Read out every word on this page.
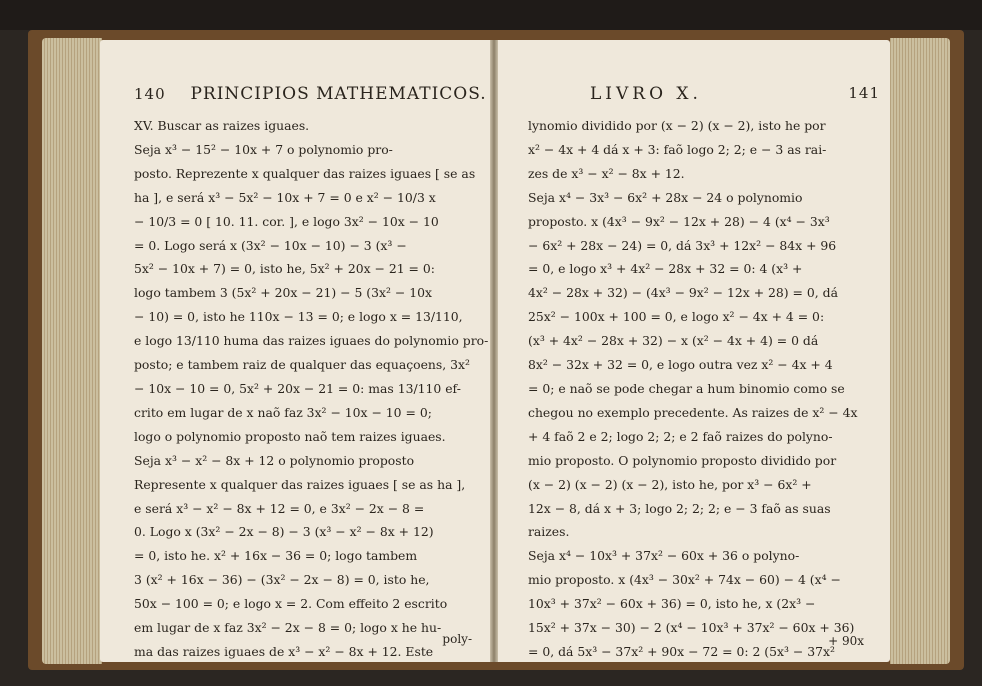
140 PRINCIPIOS MATHEMATICOS.
XV. Buscar as raizes iguaes.
Seja x³ − 15² − 10x + 7 o polynomio pro-
posto. Reprezente x qualquer das raizes iguaes [ se as
ha ], e será x³ − 5x² − 10x + 7 = 0 e x² − 10/3 x
− 10/3 = 0 [ 10. 11. cor. ], e logo 3x² − 10x − 10
= 0. Logo será x (3x² − 10x − 10) − 3 (x³ −
5x² − 10x + 7) = 0, isto he, 5x² + 20x − 21 = 0:
logo tambem 3 (5x² + 20x − 21) − 5 (3x² − 10x
− 10) = 0, isto he 110x − 13 = 0; e logo x = 13/110,
e logo 13/110 huma das raizes iguaes do polynomio pro-
posto; e tambem raiz de qualquer das equaçoens, 3x²
− 10x − 10 = 0, 5x² + 20x − 21 = 0: mas 13/110 ef-
crito em lugar de x naõ faz 3x² − 10x − 10 = 0;
logo o polynomio proposto naõ tem raizes iguaes.
Seja x³ − x² − 8x + 12 o polynomio proposto
Represente x qualquer das raizes iguaes [ se as ha ],
e será x³ − x² − 8x + 12 = 0, e 3x² − 2x − 8 =
0. Logo x (3x² − 2x − 8) − 3 (x³ − x² − 8x + 12)
= 0, isto he. x² + 16x − 36 = 0; logo tambem
3 (x² + 16x − 36) − (3x² − 2x − 8) = 0, isto he,
50x − 100 = 0; e logo x = 2. Com effeito 2 escrito
em lugar de x faz 3x² − 2x − 8 = 0; logo x he hu-
ma das raizes iguaes de x³ − x² − 8x + 12. Este
poly-
LIVRO X.	141
lynomio dividido por (x − 2) (x − 2), isto he por
x² − 4x + 4 dá x + 3: faõ logo 2; 2; e − 3 as rai-
zes de x³ − x² − 8x + 12.
Seja x⁴ − 3x³ − 6x² + 28x − 24 o polynomio
proposto. x (4x³ − 9x² − 12x + 28) − 4 (x⁴ − 3x³
− 6x² + 28x − 24) = 0, dá 3x³ + 12x² − 84x + 96
= 0, e logo x³ + 4x² − 28x + 32 = 0: 4 (x³ +
4x² − 28x + 32) − (4x³ − 9x² − 12x + 28) = 0, dá
25x² − 100x + 100 = 0, e logo x² − 4x + 4 = 0:
(x³ + 4x² − 28x + 32) − x (x² − 4x + 4) = 0 dá
8x² − 32x + 32 = 0, e logo outra vez x² − 4x + 4
= 0; e naõ se pode chegar a hum binomio como se
chegou no exemplo precedente. As raizes de x² − 4x
+ 4 faõ 2 e 2; logo 2; 2; e 2 faõ raizes do polyno-
mio proposto. O polynomio proposto dividido por
(x − 2) (x − 2) (x − 2), isto he, por x³ − 6x² +
12x − 8, dá x + 3; logo 2; 2; 2; e − 3 faõ as suas
raizes.
Seja x⁴ − 10x³ + 37x² − 60x + 36 o polyno-
mio proposto. x (4x³ − 30x² + 74x − 60) − 4 (x⁴ −
10x³ + 37x² − 60x + 36) = 0, isto he, x (2x³ −
15x² + 37x − 30) − 2 (x⁴ − 10x³ + 37x² − 60x + 36)
= 0, dá 5x³ − 37x² + 90x − 72 = 0: 2 (5x³ − 37x²
+ 90x
